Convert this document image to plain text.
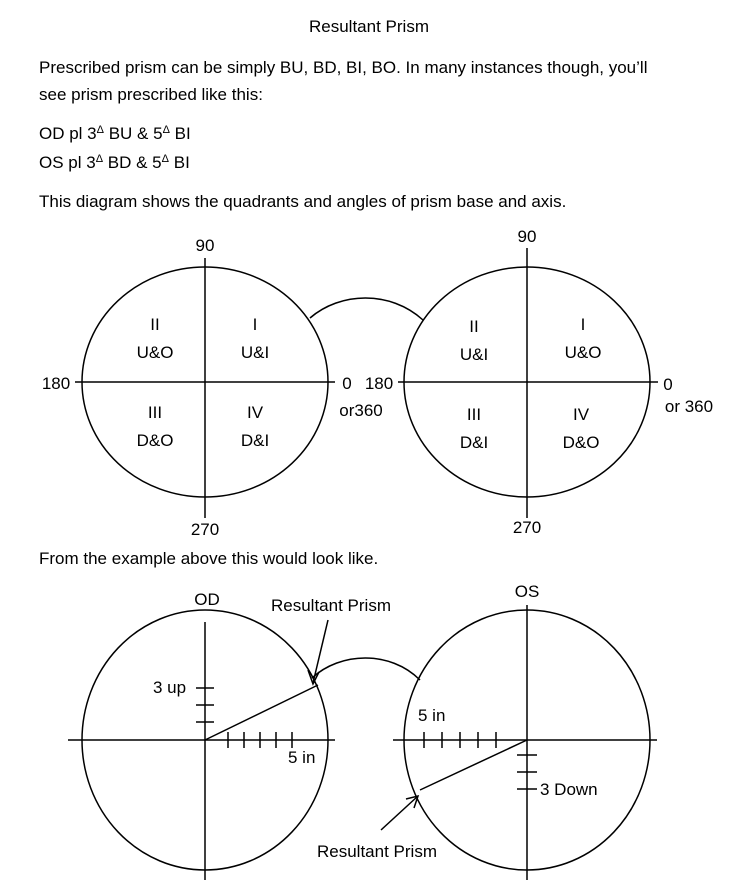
Resultant Prism
Prescribed prism can be simply BU, BD, BI, BO. In many instances though, you’ll
see prism prescribed like this:
OD pl $3^\Delta$ BU & $5^\Delta$ BI
OS pl $3^\Delta$ BD & $5^\Delta$ BI
This diagram shows the quadrants and angles of prism base and axis.
From the example above this would look like.
90
270
180	0
or360
I
U&I
II
U&O
III
D&O
IV
D&I
90
270
180	0
or 360
I
U&O
II
U&I
III
D&I
IV
D&O
OD	OS
Resultant Prism
Resultant Prism
3 up
5 in
5 in
3 Down
